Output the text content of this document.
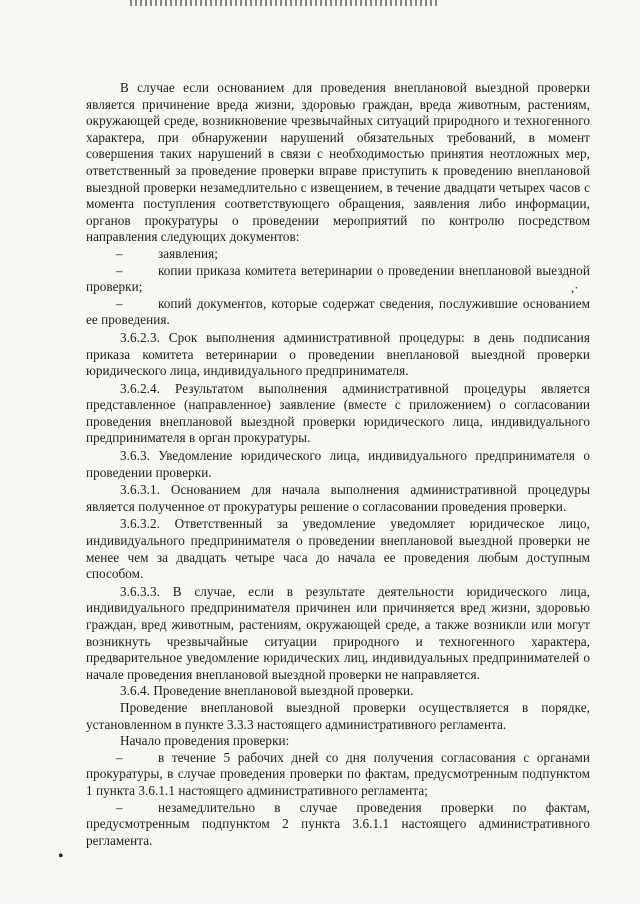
В случае если основанием для проведения внеплановой выездной проверки является причинение вреда жизни, здоровью граждан, вреда животным, растениям, окружающей среде, возникновение чрезвычайных ситуаций природного и техногенного характера, при обнаружении нарушений обязательных требований, в момент совершения таких нарушений в связи с необходимостью принятия неотложных мер, ответственный за проведение проверки вправе приступить к проведению внеплановой выездной проверки незамедлительно с извещением, в течение двадцати четырех часов с момента поступления соответствующего обращения, заявления либо информации, органов прокуратуры о проведении мероприятий по контролю посредством направления следующих документов:

–	заявления;

–	копии приказа комитета ветеринарии о проведении внеплановой выездной проверки;

–	копий документов, которые содержат сведения, послужившие основанием ее проведения.

3.6.2.3. Срок выполнения административной процедуры: в день подписания приказа комитета ветеринарии о проведении внеплановой выездной проверки юридического лица, индивидуального предпринимателя.

3.6.2.4. Результатом выполнения административной процедуры является представленное (направленное) заявление (вместе с приложением) о согласовании проведения внеплановой выездной проверки юридического лица, индивидуального предпринимателя в орган прокуратуры.

3.6.3. Уведомление юридического лица, индивидуального предпринимателя о проведении проверки.

3.6.3.1. Основанием для начала выполнения административной процедуры является полученное от прокуратуры решение о согласовании проведения проверки.

3.6.3.2. Ответственный за уведомление уведомляет юридическое лицо, индивидуального предпринимателя о проведении внеплановой выездной проверки не менее чем за двадцать четыре часа до начала ее проведения любым доступным способом.

3.6.3.3. В случае, если в результате деятельности юридического лица, индивидуального предпринимателя причинен или причиняется вред жизни, здоровью граждан, вред животным, растениям, окружающей среде, а также возникли или могут возникнуть чрезвычайные ситуации природного и техногенного характера, предварительное уведомление юридических лиц, индивидуальных предпринимателей о начале проведения внеплановой выездной проверки не направляется.

3.6.4. Проведение внеплановой выездной проверки.

Проведение внеплановой выездной проверки осуществляется в порядке, установленном в пункте 3.3.3 настоящего административного регламента.

Начало проведения проверки:

–	в течение 5 рабочих дней со дня получения согласования с органами прокуратуры, в случае проведения проверки по фактам, предусмотренным подпунктом 1 пункта 3.6.1.1 настоящего административного регламента;

–	незамедлительно в случае проведения проверки по фактам, предусмотренным подпунктом 2 пункта 3.6.1.1 настоящего административного регламента.

,·
•
